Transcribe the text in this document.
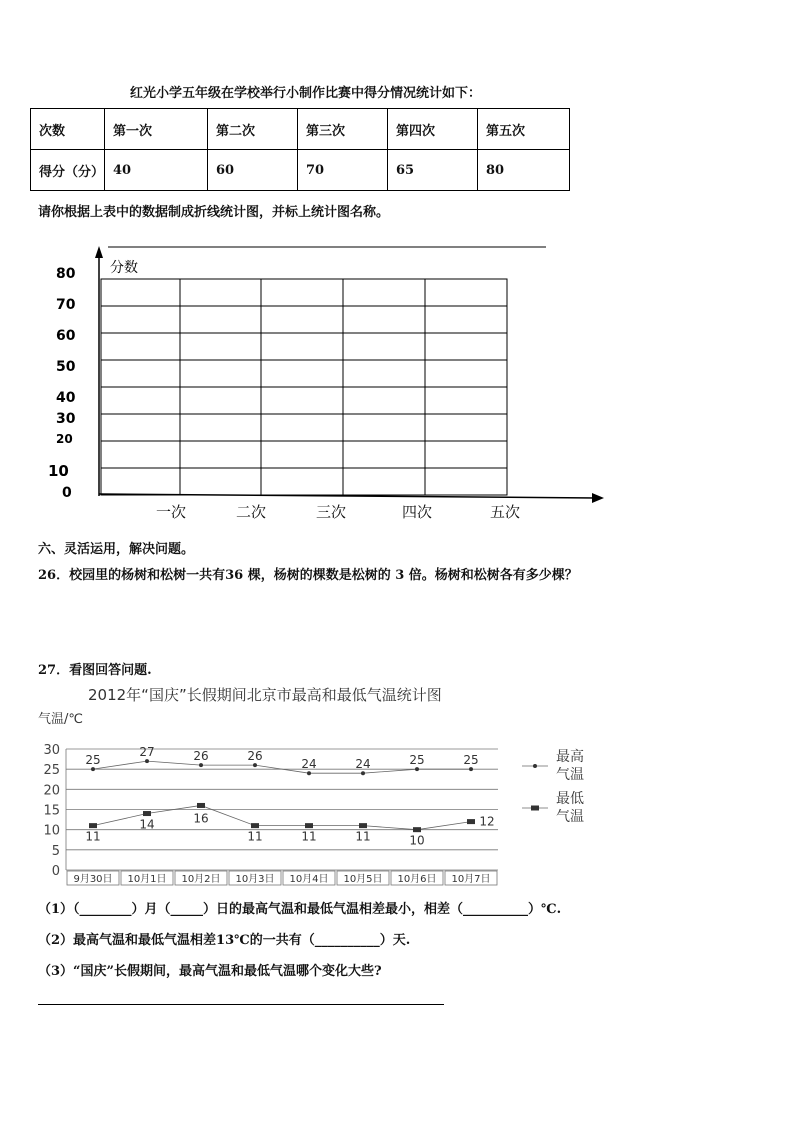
红光小学五年级在学校举行小制作比赛中得分情况统计如下：
次数	第一次	第二次	第三次	第四次	第五次
得分（分）	40	60	70	65	80
请你根据上表中的数据制成折线统计图，并标上统计图名称。
分数
80
70
60
50
40
30
20
10
0
一次	二次	三次	四次	五次
六、灵活运用，解决问题。
26．校园里的杨树和松树一共有36 棵，杨树的棵数是松树的 3 倍。杨树和松树各有多少棵？
27．看图回答问题.
2012年“国庆”长假期间北京市最高和最低气温统计图
气温/℃
0
5
10
15
20
25
30
9月30日 10月1日 10月2日 10月3日 10月4日 10月5日 10月6日 10月7日
25
27	26	26
24	24	25	25
11
14	16
11	11	11	10
12
最高
气温
最低
气温
（1）（________）月（_____）日的最高气温和最低气温相差最小，相差（__________）℃.
（2）最高气温和最低气温相差13℃的一共有（__________）天.
（3）“国庆”长假期间，最高气温和最低气温哪个变化大些?
